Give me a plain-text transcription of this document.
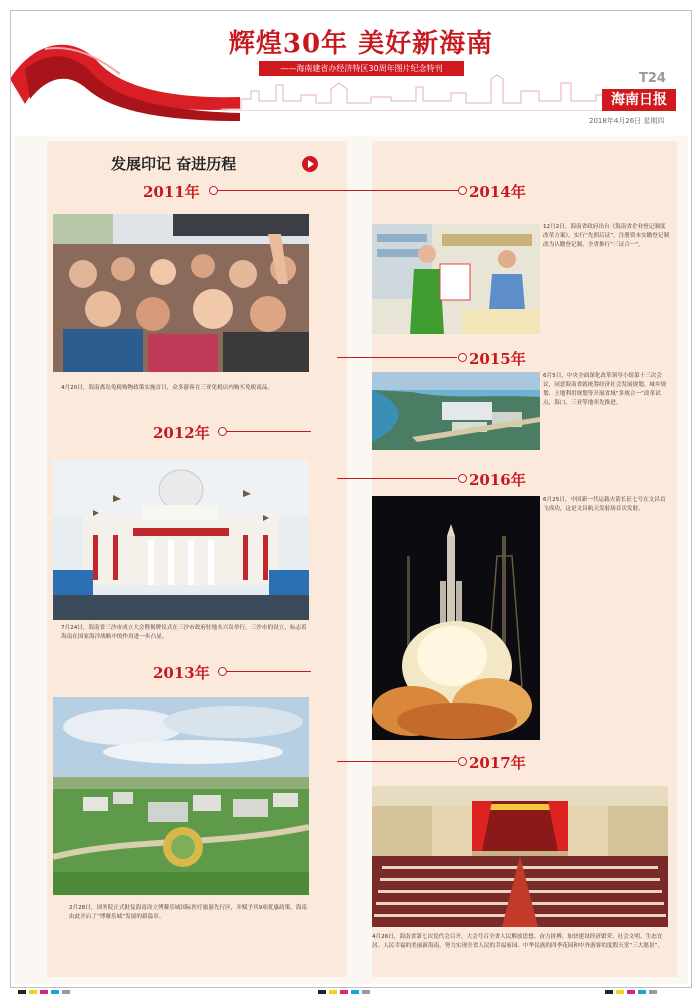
辉煌30年 美好新海南
——海南建省办经济特区30周年图片纪念特刊
T24
海南日报
2018年4月26日 星期四
发展印记 奋进历程
2011年	2014年
4月20日，海南离岛免税购物政策实施首日，众多游客在三亚免税店内购买免税商品。
12月2日，海南省政府出台《海南省企业登记制度改革方案》，实行“先照后证”，注册资本实缴登记制改为认缴登记制，全省推行“三证合一”。
2015年
6月5日，中央全面深化改革领导小组第十三次会议，同意海南省就统筹经济社会发展规划、城乡规划、土地利用规划等开展省域“多规合一”改革试点，海口、三亚等地率先推进。
2012年
7月24日，海南省三沙市成立大会暨揭牌仪式在三沙市政府驻地永兴岛举行。三沙市的设立，标志着海南在国家海洋战略中的作用进一步凸显。
2016年
6月25日，中国新一代运载火箭长征七号在文昌首飞成功，这是文昌航天发射场首次发射。
2013年
2月28日，国务院正式批复海南设立博鳌乐城国际医疗旅游先行区，并赋予其9项优惠政策，海南由此开启了“博鳌乐城”发展的新篇章。
2017年
4月26日，海南省第七次党代会召开，大会号召全省人民解放思想、奋力拼搏，加快建设经济繁荣、社会文明、生态宜居、人民幸福的美丽新海南，努力实现全省人民的幸福家园、中华民族的四季花园和中外游客的度假天堂“三大愿景”。
